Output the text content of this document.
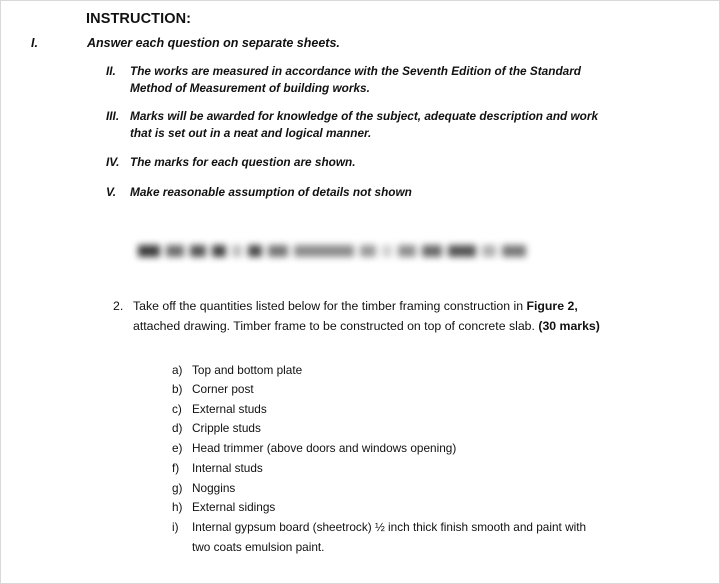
INSTRUCTION:
I.	Answer each question on separate sheets.
II. The works are measured in accordance with the Seventh Edition of the Standard
Method of Measurement of building works.
III. Marks will be awarded for knowledge of the subject, adequate description and work
that is set out in a neat and logical manner.
IV. The marks for each question are shown.
V. Make reasonable assumption of details not shown
2. Take off the quantities listed below for the timber framing construction in Figure 2,
attached drawing. Timber frame to be constructed on top of concrete slab. (30 marks)
a) Top and bottom plate
b) Corner post
c) External studs
d) Cripple studs
e) Head trimmer (above doors and windows opening)
f) Internal studs
g) Noggins
h) External sidings
i) Internal gypsum board (sheetrock) ½ inch thick finish smooth and paint with
two coats emulsion paint.
